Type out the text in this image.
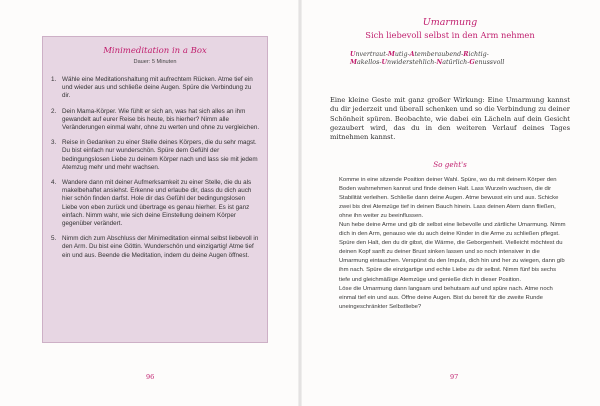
Minimeditation in a Box
Dauer: 5 Minuten
1. Wähle eine Meditationshaltung mit aufrechtem Rücken. Atme tief ein und wieder aus und schließe deine Augen. Spüre die Verbindung zu dir.
2. Dein Mama-Körper. Wie fühlt er sich an, was hat sich alles an ihm gewandelt auf eurer Reise bis heute, bis hierher? Nimm alle Veränderungen einmal wahr, ohne zu werten und ohne zu vergleichen.
3. Reise in Gedanken zu einer Stelle deines Körpers, die du sehr magst. Du bist einfach nur wunderschön. Spüre dem Gefühl der bedingungslosen Liebe zu deinem Körper nach und lass sie mit jedem Atemzug mehr und mehr wachsen.
4. Wandere dann mit deiner Aufmerksamkeit zu einer Stelle, die du als makelbehaftet ansiehst. Erkenne und erlaube dir, dass du dich auch hier schön finden darfst. Hole dir das Gefühl der bedingungslosen Liebe von eben zurück und übertrage es genau hierher. Es ist ganz einfach. Nimm wahr, wie sich deine Einstellung deinem Körper gegenüber verändert.
5. Nimm dich zum Abschluss der Minimeditation einmal selbst liebevoll in den Arm. Du bist eine Göttin. Wunderschön und einzigartig! Atme tief ein und aus. Beende die Meditation, indem du deine Augen öffnest.
96
Umarmung
Sich liebevoll selbst in den Arm nehmen
Unvertraut-Mutig-Atemberaubend-Richtig-
Makellos-Unwiderstehlich-Natürlich-Genussvoll
Eine kleine Geste mit ganz großer Wirkung: Eine Umarmung kannst du dir jederzeit und überall schenken und so die Verbindung zu deiner Schönheit spüren. Beobachte, wie dabei ein Lächeln auf dein Gesicht gezaubert wird, das du in den weiteren Verlauf deines Tages mitnehmen kannst.
So geht's

Komme in eine sitzende Position deiner Wahl. Spüre, wo du mit deinem Körper den Boden wahrnehmen kannst und finde deinen Halt. Lass Wurzeln wachsen, die dir Stabilität verleihen. Schließe dann deine Augen. Atme bewusst ein und aus. Schicke zwei bis drei Atemzüge tief in deinen Bauch hinein. Lass deinen Atem dann fließen, ohne ihn weiter zu beeinflussen.

Nun hebe deine Arme und gib dir selbst eine liebevolle und zärtliche Umarmung. Nimm dich in den Arm, genauso wie du auch deine Kinder in die Arme zu schließen pflegst. Spüre den Halt, den du dir gibst, die Wärme, die Geborgenheit. Vielleicht möchtest du deinen Kopf sanft zu deiner Brust sinken lassen und so noch intensiver in die Umarmung eintauchen. Verspürst du den Impuls, dich hin und her zu wiegen, dann gib ihm nach. Spüre die einzigartige und echte Liebe zu dir selbst. Nimm fünf bis sechs tiefe und gleichmäßige Atemzüge und genieße dich in dieser Position.

Löse die Umarmung dann langsam und behutsam auf und spüre nach. Atme noch einmal tief ein und aus. Öffne deine Augen. Bist du bereit für die zweite Runde uneingeschränkter Selbstliebe?

97
